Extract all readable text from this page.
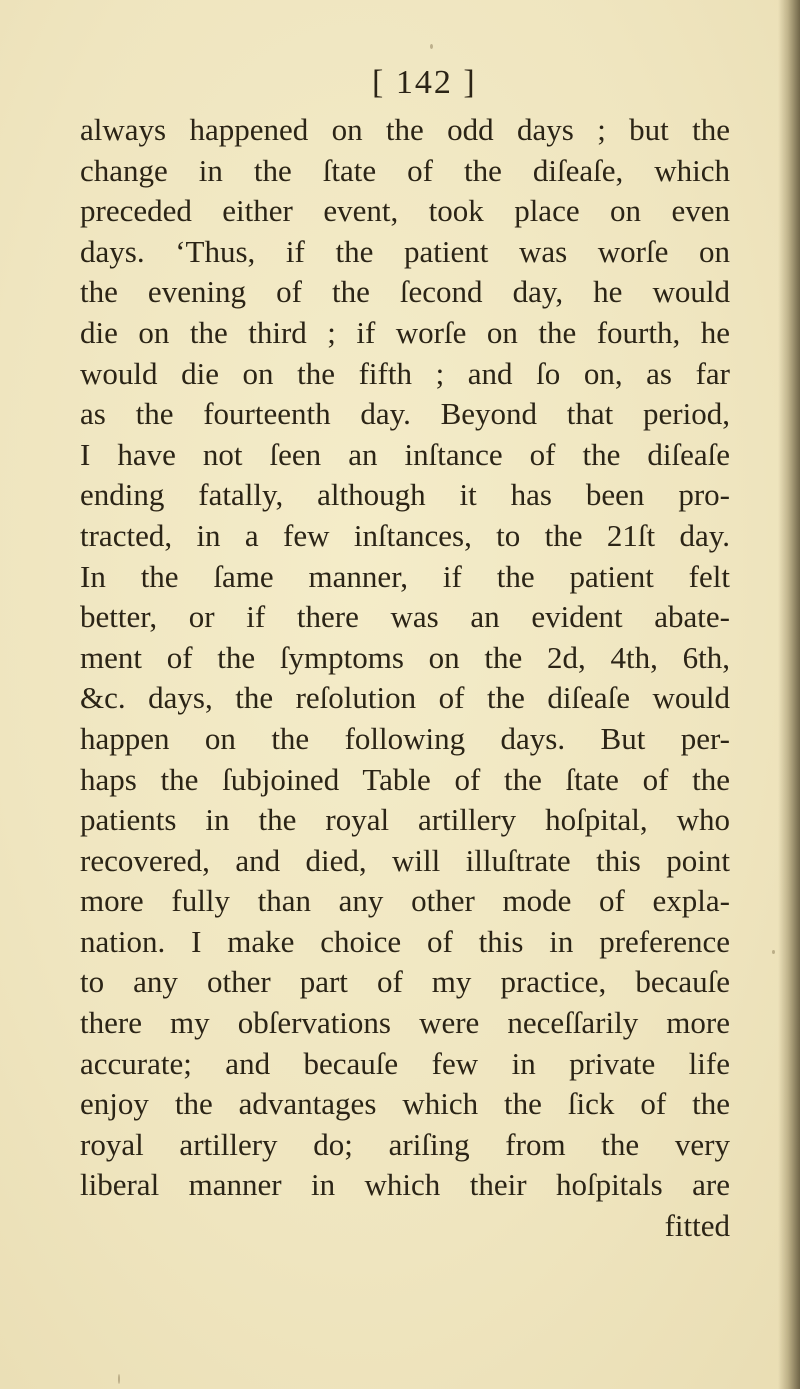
[ 142 ]
always happened on the odd days ; but the
change in the ſtate of the diſeaſe, which
preceded either event, took place on even
days. ‘Thus, if the patient was worſe on
the evening of the ſecond day, he would
die on the third ; if worſe on the fourth, he
would die on the fifth ; and ſo on, as far
as the fourteenth day. Beyond that period,
I have not ſeen an inſtance of the diſeaſe
ending fatally, although it has been pro-
tracted, in a few inſtances, to the 21ſt day.
In the ſame manner, if the patient felt
better, or if there was an evident abate-
ment of the ſymptoms on the 2d, 4th, 6th,
&c. days, the reſolution of the diſeaſe would
happen on the following days. But per-
haps the ſubjoined Table of the ſtate of the
patients in the royal artillery hoſpital, who
recovered, and died, will illuſtrate this point
more fully than any other mode of expla-
nation. I make choice of this in preference
to any other part of my practice, becauſe
there my obſervations were neceſſarily more
accurate; and becauſe few in private life
enjoy the advantages which the ſick of the
royal artillery do; ariſing from the very
liberal manner in which their hoſpitals are
fitted
